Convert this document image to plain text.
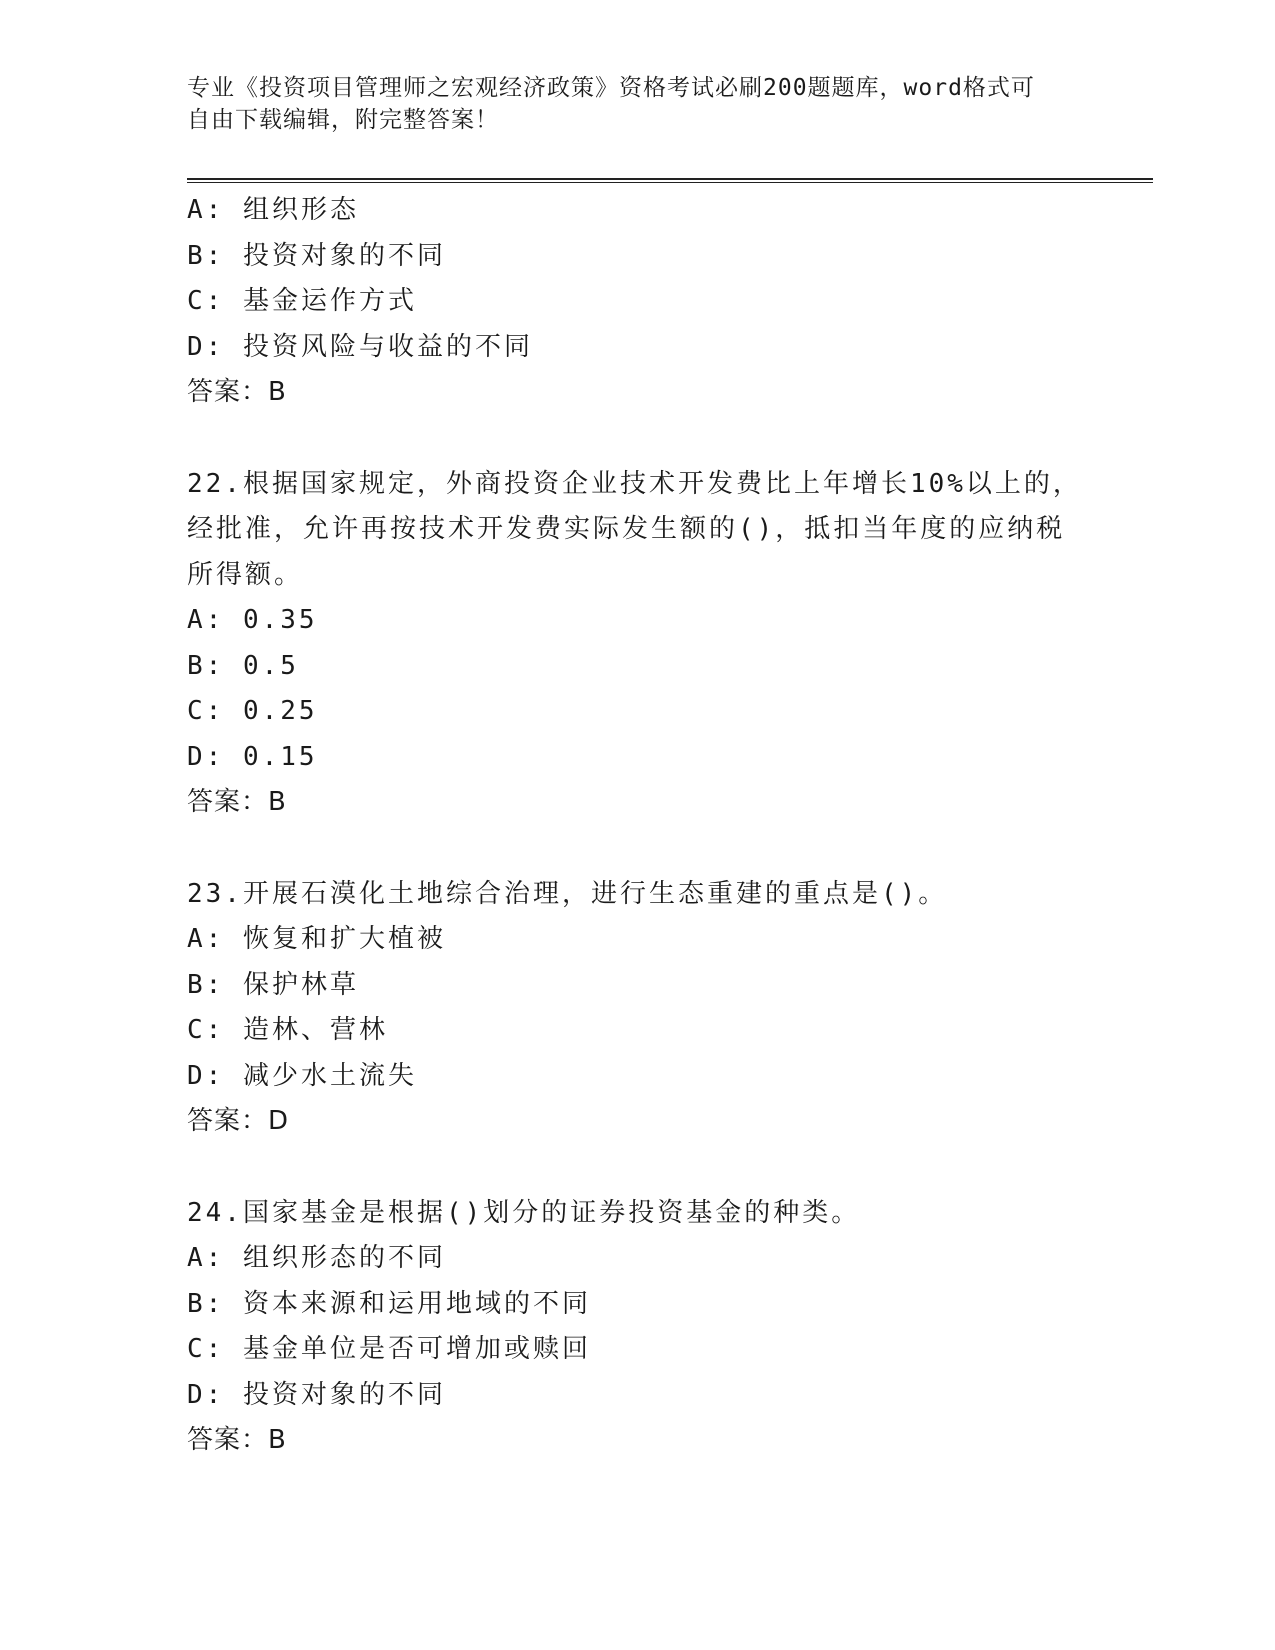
专业《投资项目管理师之宏观经济政策》资格考试必刷200题题库，word格式可
自由下载编辑，附完整答案！
A: 组织形态
B: 投资对象的不同
C: 基金运作方式
D: 投资风险与收益的不同
答案：B
22.根据国家规定，外商投资企业技术开发费比上年增长10%以上的，
经批准，允许再按技术开发费实际发生额的()，抵扣当年度的应纳税
所得额。
A: 0.35
B: 0.5
C: 0.25
D: 0.15
答案：B
23.开展石漠化土地综合治理，进行生态重建的重点是()。
A: 恢复和扩大植被
B: 保护林草
C: 造林、营林
D: 减少水土流失
答案：D
24.国家基金是根据()划分的证券投资基金的种类。
A: 组织形态的不同
B: 资本来源和运用地域的不同
C: 基金单位是否可增加或赎回
D: 投资对象的不同
答案：B
